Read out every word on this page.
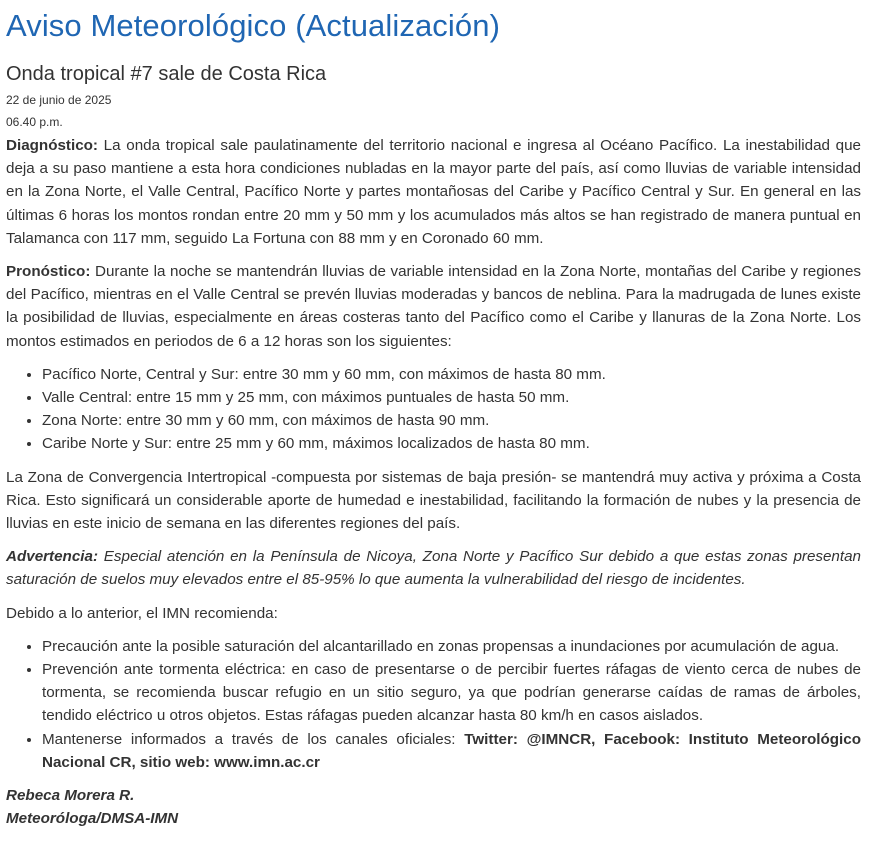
Aviso Meteorológico (Actualización)
Onda tropical #7 sale de Costa Rica
22 de junio de 2025
06.40 p.m.

Diagnóstico: La onda tropical sale paulatinamente del territorio nacional e ingresa al Océano Pacífico. La inestabilidad que deja a su paso mantiene a esta hora condiciones nubladas en la mayor parte del país, así como lluvias de variable intensidad en la Zona Norte, el Valle Central, Pacífico Norte y partes montañosas del Caribe y Pacífico Central y Sur. En general en las últimas 6 horas los montos rondan entre 20 mm y 50 mm y los acumulados más altos se han registrado de manera puntual en Talamanca con 117 mm, seguido La Fortuna con 88 mm y en Coronado 60 mm.

Pronóstico: Durante la noche se mantendrán lluvias de variable intensidad en la Zona Norte, montañas del Caribe y regiones del Pacífico, mientras en el Valle Central se prevén lluvias moderadas y bancos de neblina. Para la madrugada de lunes existe la posibilidad de lluvias, especialmente en áreas costeras tanto del Pacífico como el Caribe y llanuras de la Zona Norte. Los montos estimados en periodos de 6 a 12 horas son los siguientes:

• Pacífico Norte, Central y Sur: entre 30 mm y 60 mm, con máximos de hasta 80 mm.
• Valle Central: entre 15 mm y 25 mm, con máximos puntuales de hasta 50 mm.
• Zona Norte: entre 30 mm y 60 mm, con máximos de hasta 90 mm.
• Caribe Norte y Sur: entre 25 mm y 60 mm, máximos localizados de hasta 80 mm.

La Zona de Convergencia Intertropical -compuesta por sistemas de baja presión- se mantendrá muy activa y próxima a Costa Rica. Esto significará un considerable aporte de humedad e inestabilidad, facilitando la formación de nubes y la presencia de lluvias en este inicio de semana en las diferentes regiones del país.

Advertencia: Especial atención en la Península de Nicoya, Zona Norte y Pacífico Sur debido a que estas zonas presentan saturación de suelos muy elevados entre el 85-95% lo que aumenta la vulnerabilidad del riesgo de incidentes.

Debido a lo anterior, el IMN recomienda:

• Precaución ante la posible saturación del alcantarillado en zonas propensas a inundaciones por acumulación de agua.
• Prevención ante tormenta eléctrica: en caso de presentarse o de percibir fuertes ráfagas de viento cerca de nubes de tormenta, se recomienda buscar refugio en un sitio seguro, ya que podrían generarse caídas de ramas de árboles, tendido eléctrico u otros objetos. Estas ráfagas pueden alcanzar hasta 80 km/h en casos aislados.
• Mantenerse informados a través de los canales oficiales: Twitter: @IMNCR, Facebook: Instituto Meteorológico Nacional CR, sitio web: www.imn.ac.cr
Rebeca Morera R.
Meteoróloga/DMSA-IMN
